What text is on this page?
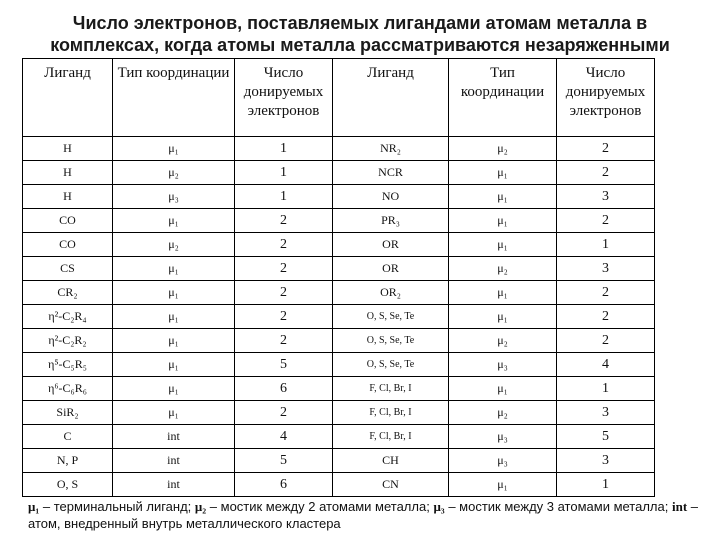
Число электронов, поставляемых лигандами атомам металла в
комплексах, когда атомы металла рассматриваются незаряженными
Лиганд	Тип координации	Число донируемых электронов	Лиганд	Тип координации	Число донируемых электронов
H	μ₁	1	NR₂	μ₂	2
H	μ₂	1	NCR	μ₁	2
H	μ₃	1	NO	μ₁	3
CO	μ₁	2	PR₃	μ₁	2
CO	μ₂	2	OR	μ₁	1
CS	μ₁	2	OR	μ₂	3
CR₂	μ₁	2	OR₂	μ₁	2
η²-C₂R₄	μ₁	2	O, S, Se, Te	μ₁	2
η²-C₂R₂	μ₁	2	O, S, Se, Te	μ₂	2
η⁵-C₅R₅	μ₁	5	O, S, Se, Te	μ₃	4
η⁶-C₆R₆	μ₁	6	F, Cl, Br, I	μ₁	1
SiR₂	μ₁	2	F, Cl, Br, I	μ₂	3
C	int	4	F, Cl, Br, I	μ₃	5
N, P	int	5	CH	μ₃	3
O, S	int	6	CN	μ₁	1
μ₁ – терминальный лиганд; μ₂ – мостик между 2 атомами металла; μ₃ – мостик между 3 атомами металла; int – атом, внедренный внутрь металлического кластера
